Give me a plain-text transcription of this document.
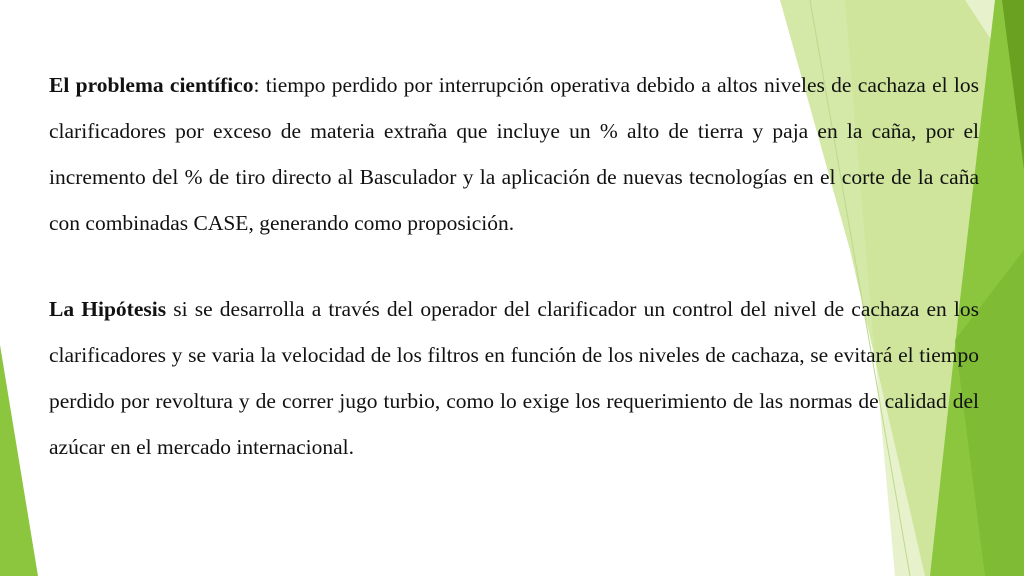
El problema científico: tiempo perdido por interrupción operativa debido a altos niveles de cachaza el los clarificadores por exceso de materia extraña que incluye un % alto de tierra y paja en la caña, por el incremento del % de tiro directo al Basculador y la aplicación de nuevas tecnologías en el corte de la caña con combinadas CASE, generando como proposición.

La Hipótesis si se desarrolla a través del operador del clarificador un control del nivel de cachaza en los clarificadores y se varia la velocidad de los filtros en función de los niveles de cachaza, se evitará el tiempo perdido por revoltura y de correr jugo turbio, como lo exige los requerimiento de las normas de calidad del azúcar en el mercado internacional.
